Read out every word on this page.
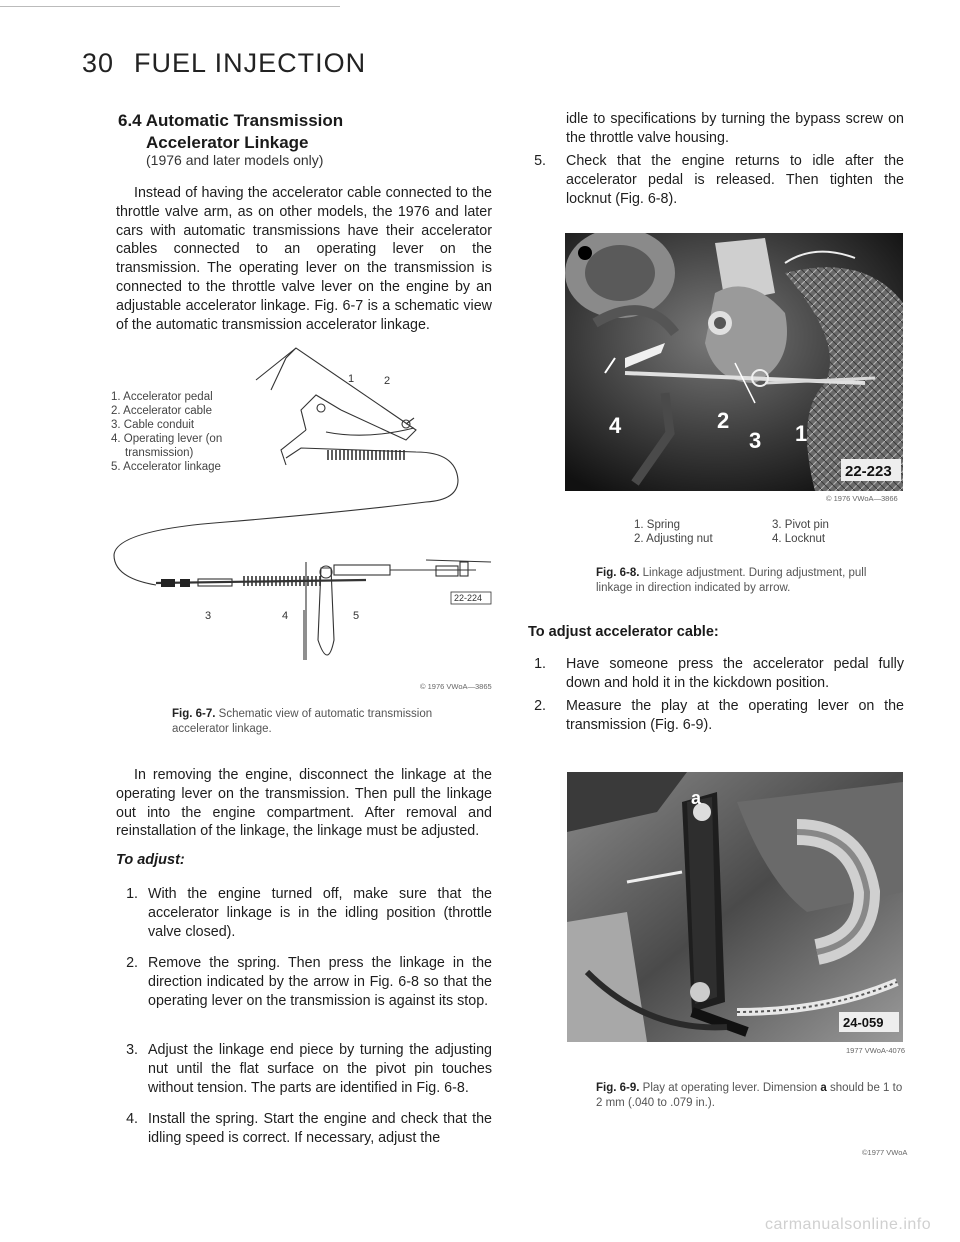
30 FUEL INJECTION
6.4 Automatic Transmission
Accelerator Linkage
(1976 and later models only)
Instead of having the accelerator cable connected to the throttle valve arm, as on other models, the 1976 and later cars with automatic transmissions have their accelerator cables connected to an operating lever on the transmission. The operating lever on the transmission is connected to the throttle valve lever on the engine by an adjustable accelerator linkage. Fig. 6-7 is a schematic view of the automatic transmission accelerator linkage.
1	2
3	4	5
22-224
1. Accelerator pedal
2. Accelerator cable
3. Cable conduit
4. Operating lever (on
transmission)
5. Accelerator linkage
© 1976 VWoA—3865
Fig. 6-7. Schematic view of automatic transmission accelerator linkage.
In removing the engine, disconnect the linkage at the operating lever on the transmission. Then pull the linkage out into the engine compartment. After removal and reinstallation of the linkage, the linkage must be adjusted.
To adjust:
1. With the engine turned off, make sure that the accelerator linkage is in the idling position (throttle valve closed).
2. Remove the spring. Then press the linkage in the direction indicated by the arrow in Fig. 6-8 so that the operating lever on the transmission is against its stop.
3. Adjust the linkage end piece by turning the adjusting nut until the flat surface on the pivot pin touches without tension. The parts are identified in Fig. 6-8.
4. Install the spring. Start the engine and check that the idling speed is correct. If necessary, adjust the
idle to specifications by turning the bypass screw on the throttle valve housing.
5. Check that the engine returns to idle after the accelerator pedal is released. Then tighten the locknut (Fig. 6-8).
4	2
3 1
22-223
© 1976 VWoA—3866
1. Spring
2. Adjusting nut
3. Pivot pin
4. Locknut
Fig. 6-8. Linkage adjustment. During adjustment, pull linkage in direction indicated by arrow.
To adjust accelerator cable:
1. Have someone press the accelerator pedal fully down and hold it in the kickdown position.
2. Measure the play at the operating lever on the transmission (Fig. 6-9).
a
24-059
1977 VWoA-4076
Fig. 6-9. Play at operating lever. Dimension a should be 1 to 2 mm (.040 to .079 in.).
©1977 VWoA
carmanualsonline.info
